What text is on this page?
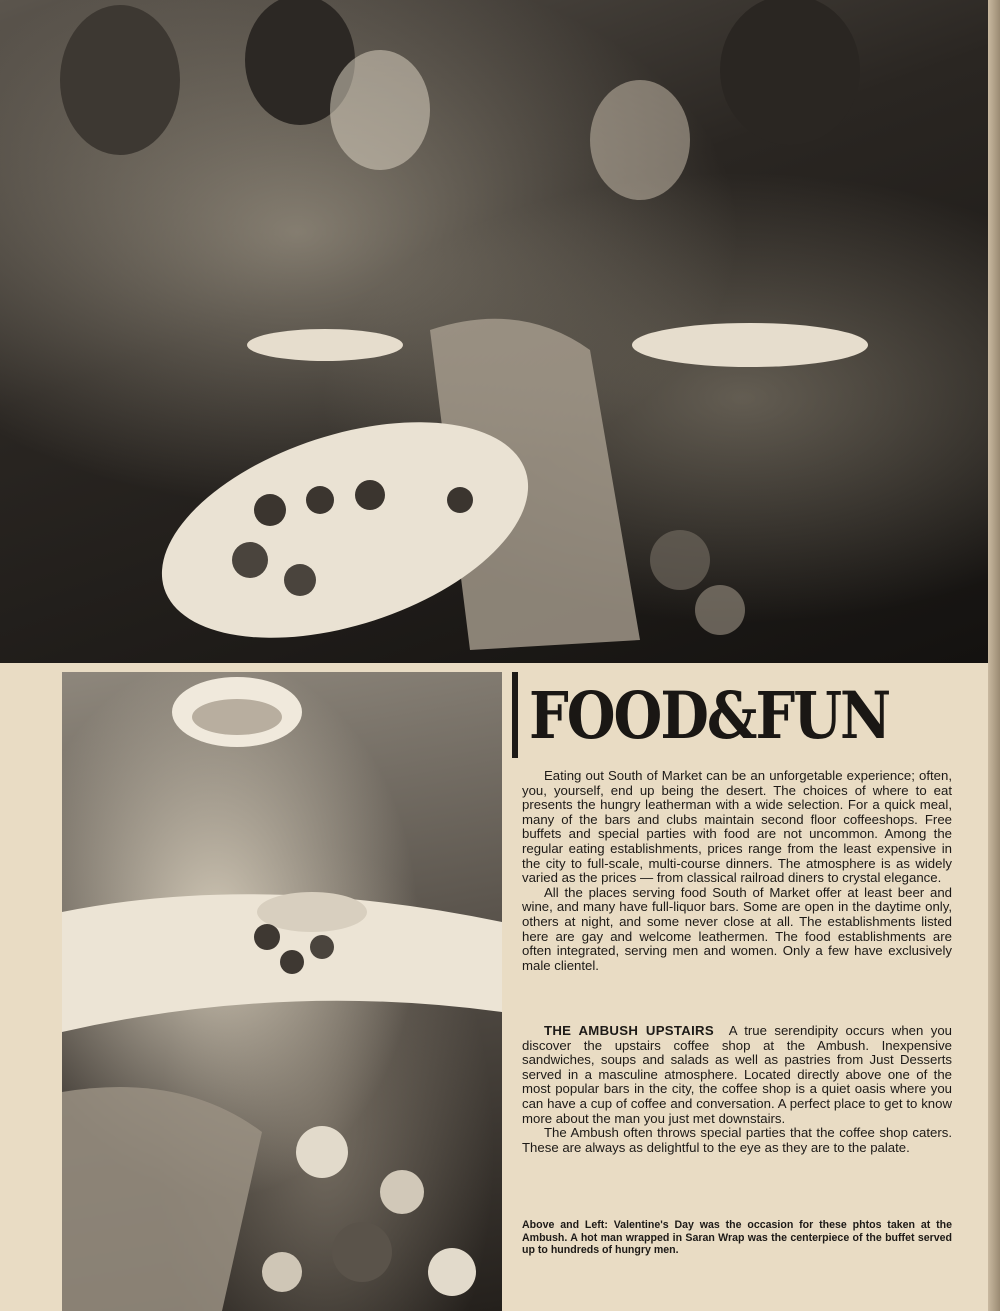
FOOD&FUN

Eating out South of Market can be an unforgetable experience; often, you, yourself, end up being the desert. The choices of where to eat presents the hungry leatherman with a wide selection. For a quick meal, many of the bars and clubs maintain second floor coffeeshops. Free buffets and special parties with food are not uncommon. Among the regular eating establishments, prices range from the least expensive in the city to full-scale, multi-course dinners. The atmosphere is as widely varied as the prices — from classical railroad diners to crystal elegance.

All the places serving food South of Market offer at least beer and wine, and many have full-liquor bars. Some are open in the daytime only, others at night, and some never close at all. The establishments listed here are gay and welcome leathermen. The food establishments are often integrated, serving men and women. Only a few have exclusively male clientel.

THE AMBUSH UPSTAIRS A true serendipity occurs when you discover the upstairs coffee shop at the Ambush. Inexpensive sandwiches, soups and salads as well as pastries from Just Desserts served in a masculine atmosphere. Located directly above one of the most popular bars in the city, the coffee shop is a quiet oasis where you can have a cup of coffee and conversation. A perfect place to get to know more about the man you just met downstairs.

The Ambush often throws special parties that the coffee shop caters. These are always as delightful to the eye as they are to the palate.

Above and Left: Valentine's Day was the occasion for these phtos taken at the Ambush. A hot man wrapped in Saran Wrap was the centerpiece of the buffet served up to hundreds of hungry men.
